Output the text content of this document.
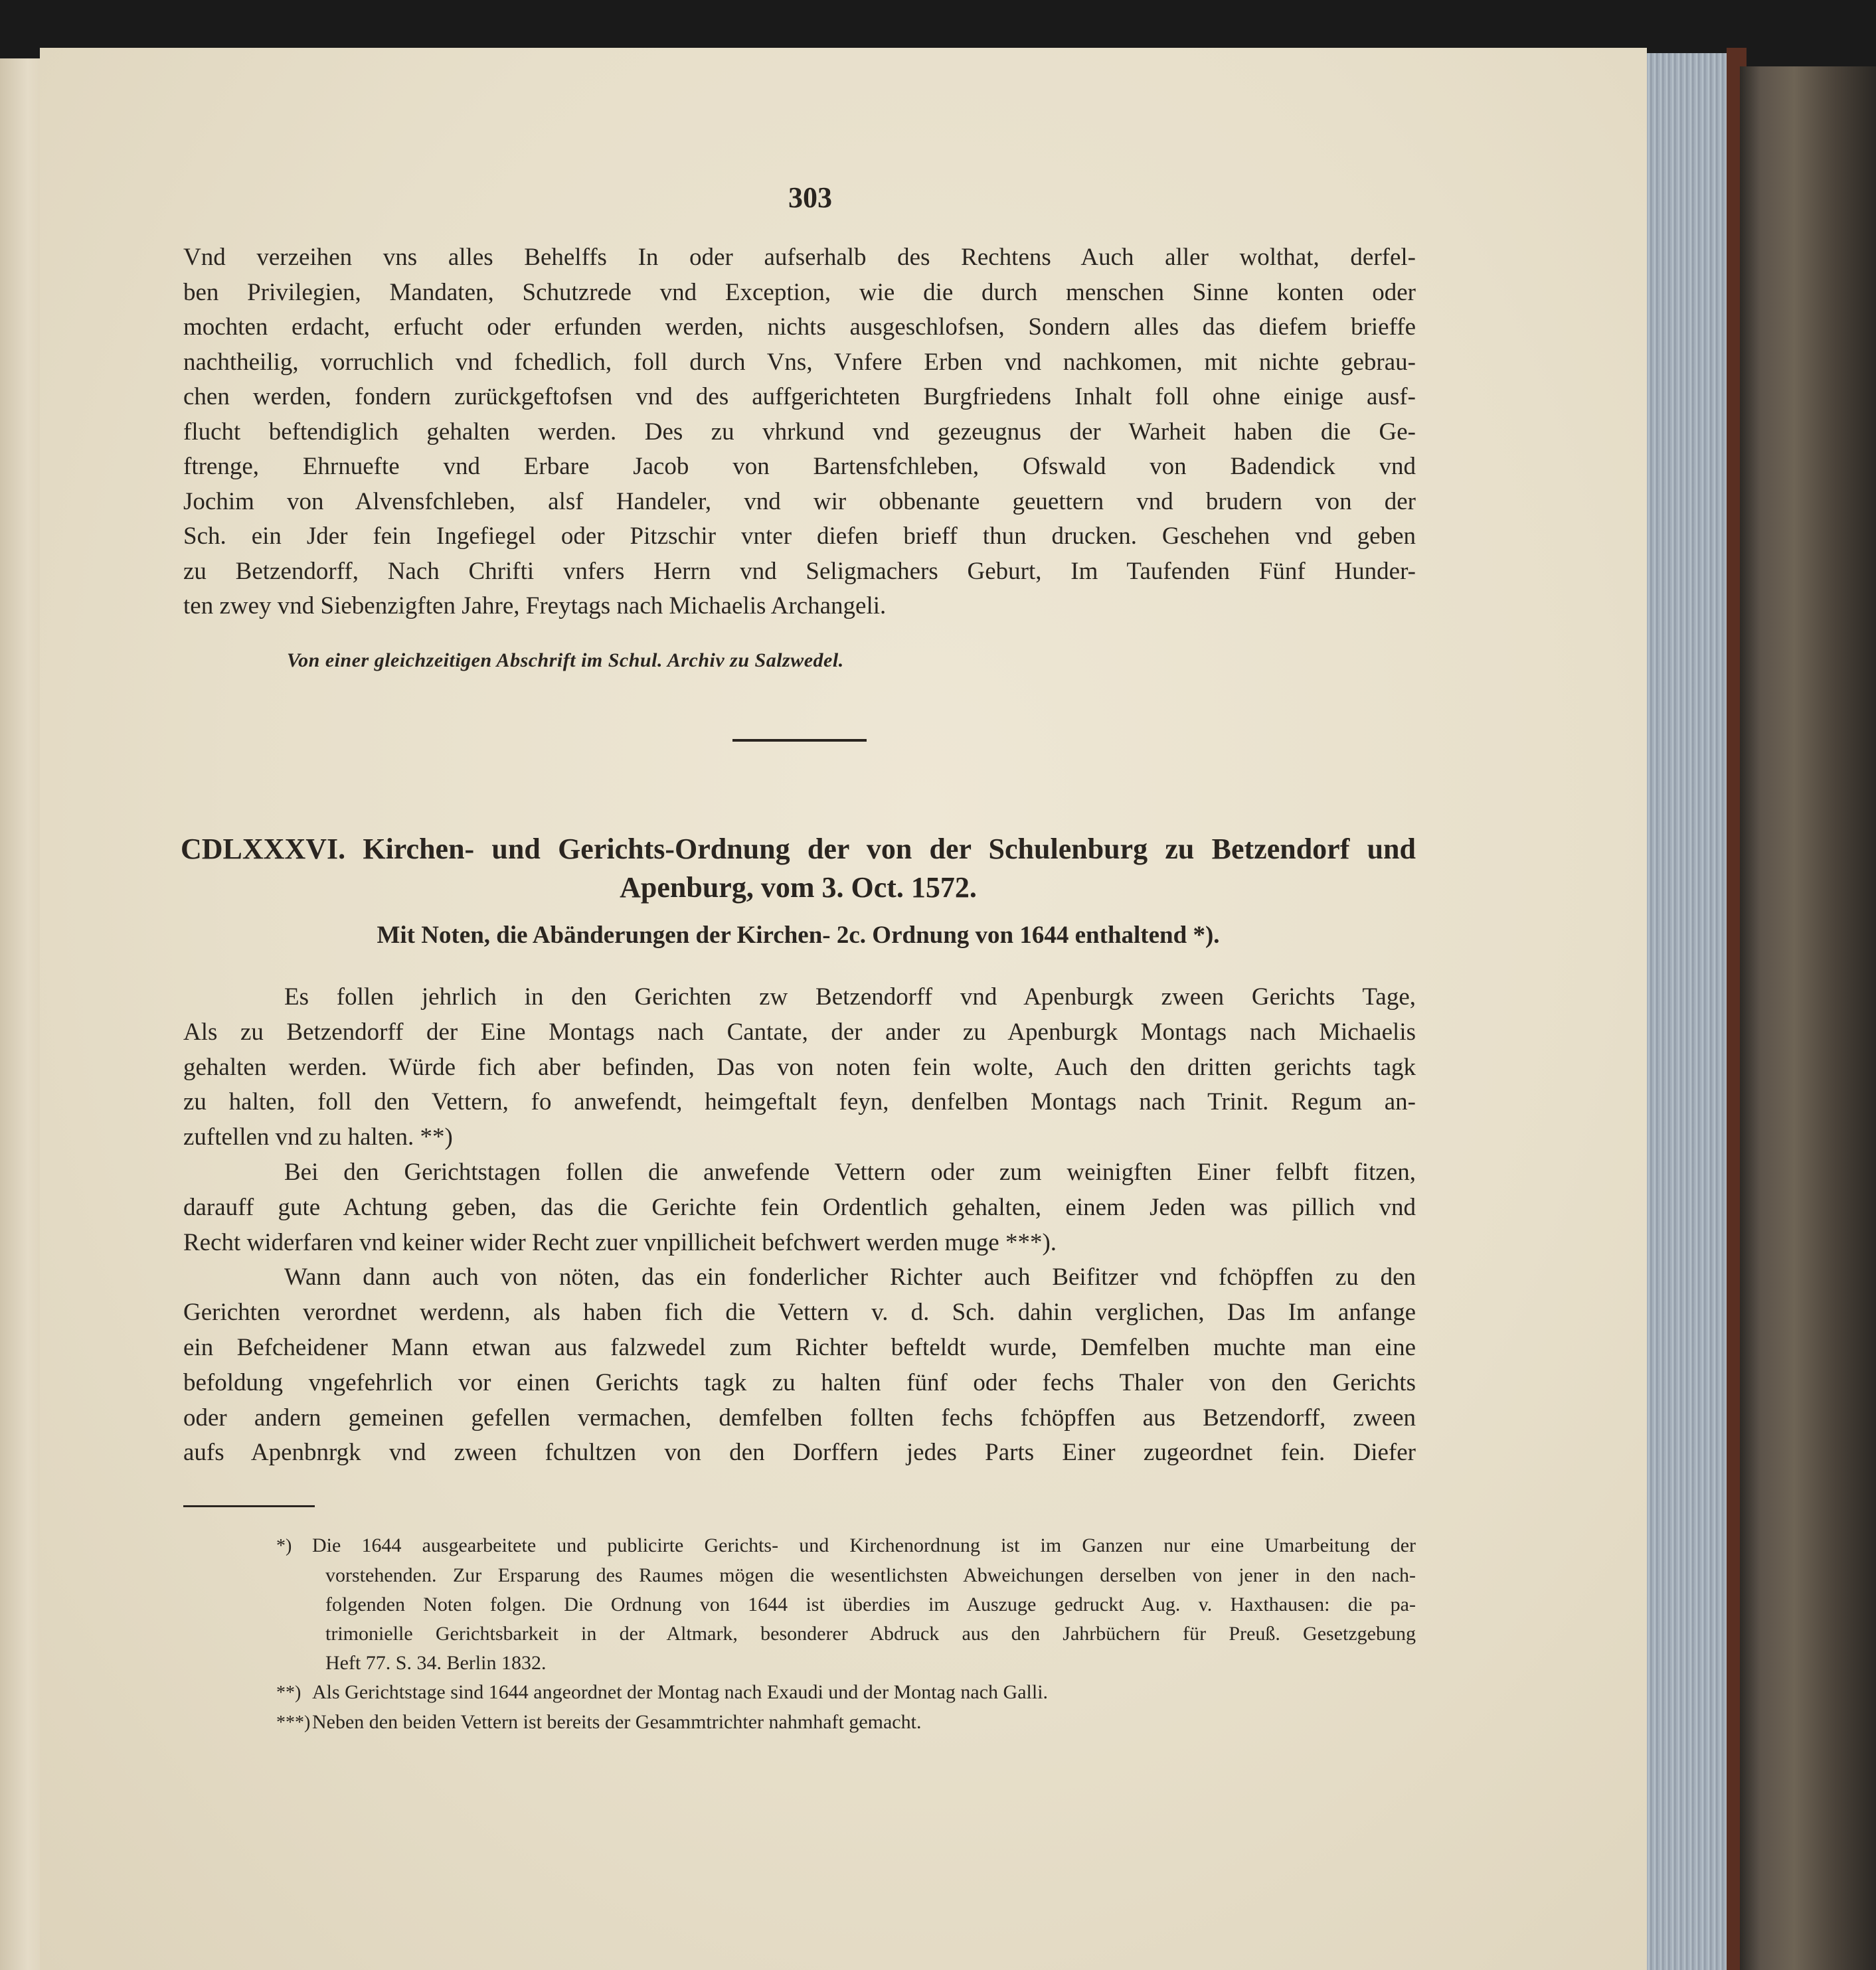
303
Vnd verzeihen vns alles Behelffs In oder aufserhalb des Rechtens Auch aller wolthat, derfel-
ben Privilegien, Mandaten, Schutzrede vnd Exception, wie die durch menschen Sinne konten oder
mochten erdacht, erfucht oder erfunden werden, nichts ausgeschlofsen, Sondern alles das diefem brieffe
nachtheilig, vorruchlich vnd fchedlich, foll durch Vns, Vnfere Erben vnd nachkomen, mit nichte gebrau-
chen werden, fondern zurückgeftofsen vnd des auffgerichteten Burgfriedens Inhalt foll ohne einige ausf-
flucht beftendiglich gehalten werden. Des zu vhrkund vnd gezeugnus der Warheit haben die Ge-
ftrenge, Ehrnuefte vnd Erbare Jacob von Bartensfchleben, Ofswald von Badendick vnd
Jochim von Alvensfchleben, alsf Handeler, vnd wir obbenante geuettern vnd brudern von der
Sch. ein Jder fein Ingefiegel oder Pitzschir vnter diefen brieff thun drucken. Geschehen vnd geben
zu Betzendorff, Nach Chrifti vnfers Herrn vnd Seligmachers Geburt, Im Taufenden Fünf Hunder-
ten zwey vnd Siebenzigften Jahre, Freytags nach Michaelis Archangeli.
Von einer gleichzeitigen Abschrift im Schul. Archiv zu Salzwedel.
CDLXXXVI. Kirchen- und Gerichts-Ordnung der von der Schulenburg zu Betzendorf und
Apenburg, vom 3. Oct. 1572.
Mit Noten, die Abänderungen der Kirchen- 2c. Ordnung von 1644 enthaltend *).
Es follen jehrlich in den Gerichten zw Betzendorff vnd Apenburgk zween Gerichts Tage,
Als zu Betzendorff der Eine Montags nach Cantate, der ander zu Apenburgk Montags nach Michaelis
gehalten werden. Würde fich aber befinden, Das von noten fein wolte, Auch den dritten gerichts tagk
zu halten, foll den Vettern, fo anwefendt, heimgeftalt feyn, denfelben Montags nach Trinit. Regum an-
zuftellen vnd zu halten. **)
Bei den Gerichtstagen follen die anwefende Vettern oder zum weinigften Einer felbft fitzen,
darauff gute Achtung geben, das die Gerichte fein Ordentlich gehalten, einem Jeden was pillich vnd
Recht widerfaren vnd keiner wider Recht zuer vnpillicheit befchwert werden muge ***).
Wann dann auch von nöten, das ein fonderlicher Richter auch Beifitzer vnd fchöpffen zu den
Gerichten verordnet werdenn, als haben fich die Vettern v. d. Sch. dahin verglichen, Das Im anfange
ein Befcheidener Mann etwan aus falzwedel zum Richter befteldt wurde, Demfelben muchte man eine
befoldung vngefehrlich vor einen Gerichts tagk zu halten fünf oder fechs Thaler von den Gerichts
oder andern gemeinen gefellen vermachen, demfelben follten fechs fchöpffen aus Betzendorff, zween
aufs Apenbnrgk vnd zween fchultzen von den Dorffern jedes Parts Einer zugeordnet fein. Diefer
*) Die 1644 ausgearbeitete und publicirte Gerichts- und Kirchenordnung ist im Ganzen nur eine Umarbeitung der
vorstehenden. Zur Ersparung des Raumes mögen die wesentlichsten Abweichungen derselben von jener in den nach-
folgenden Noten folgen. Die Ordnung von 1644 ist überdies im Auszuge gedruckt Aug. v. Haxthausen: die pa-
trimonielle Gerichtsbarkeit in der Altmark, besonderer Abdruck aus den Jahrbüchern für Preuß. Gesetzgebung
Heft 77. S. 34. Berlin 1832.
**) Als Gerichtstage sind 1644 angeordnet der Montag nach Exaudi und der Montag nach Galli.
***)Neben den beiden Vettern ist bereits der Gesammtrichter nahmhaft gemacht.
